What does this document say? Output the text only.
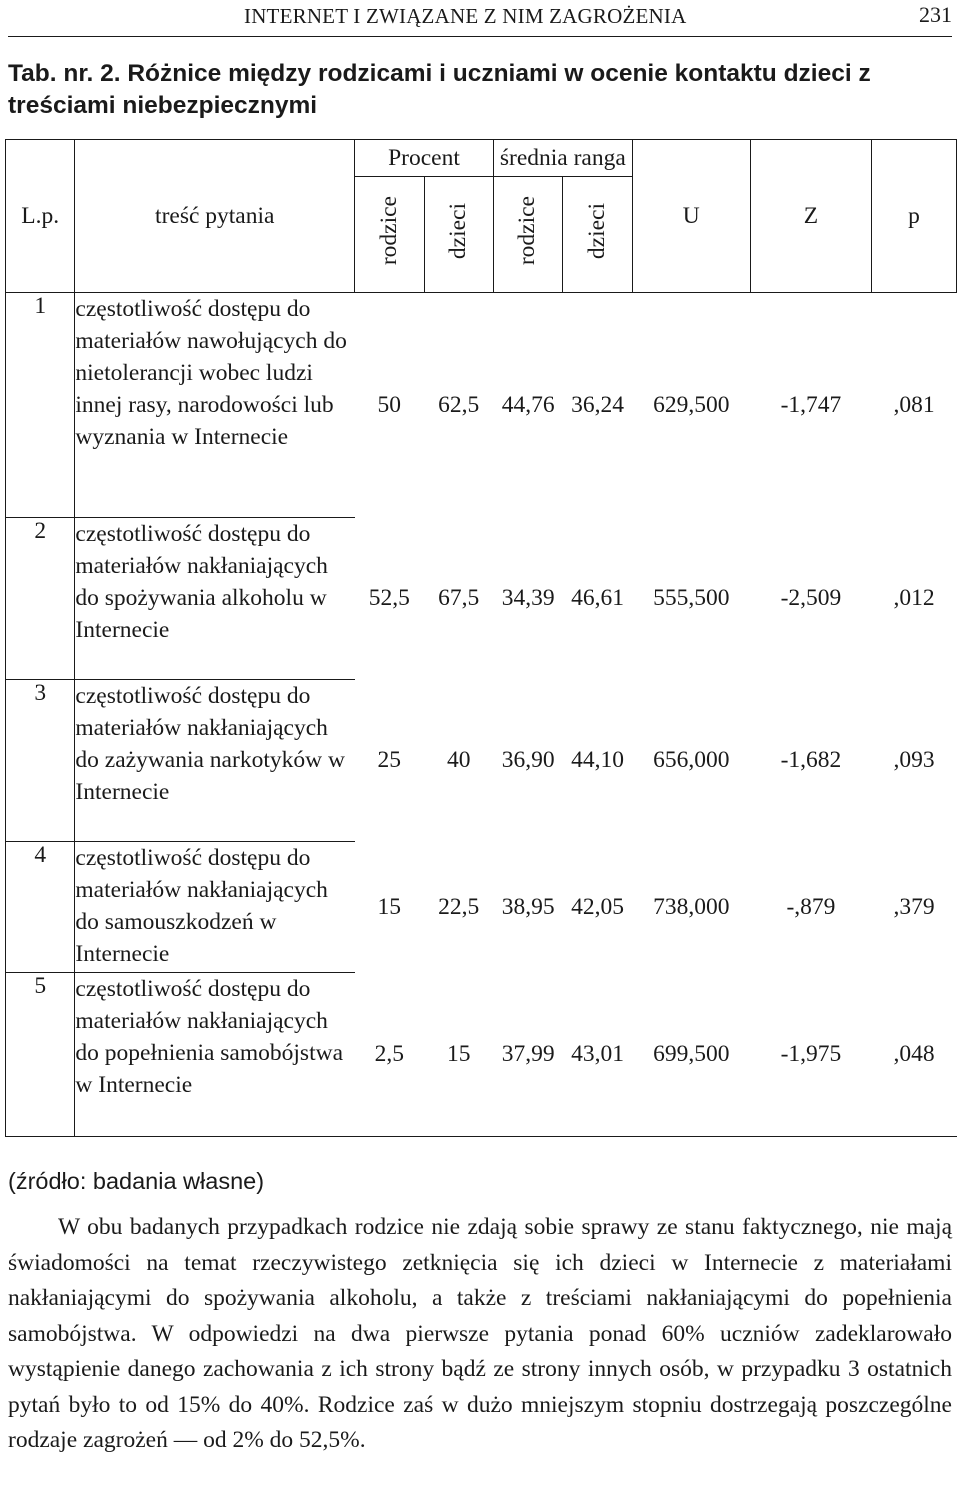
INTERNET I ZWIĄZANE Z NIM ZAGROŻENIA	231
Tab. nr. 2. Różnice między rodzicami i uczniami w ocenie kontaktu dzieci z treściami niebezpiecznymi
L.p.	treść pytania	Procent		średnia ranga		U	Z	p
		rodzice	dzieci	rodzice	dzieci			
1	częstotliwość dostępu do materiałów nawołujących do nietolerancji wobec ludzi innej rasy, narodowości lub wyznania w Internecie	50	62,5	44,76	36,24	629,500	-1,747	,081
2	częstotliwość dostępu do materiałów nakłaniających do spożywania alkoholu w Internecie	52,5	67,5	34,39	46,61	555,500	-2,509	,012
3	częstotliwość dostępu do materiałów nakłaniających do zażywania narkotyków w Internecie	25	40	36,90	44,10	656,000	-1,682	,093
4	częstotliwość dostępu do materiałów nakłaniających do samouszkodzeń w Internecie	15	22,5	38,95	42,05	738,000	-,879	,379
5	częstotliwość dostępu do materiałów nakłaniających do popełnienia samobójstwa w Internecie	2,5	15	37,99	43,01	699,500	-1,975	,048
(źródło: badania własne)
W obu badanych przypadkach rodzice nie zdają sobie sprawy ze stanu faktycznego, nie mają świadomości na temat rzeczywistego zetknięcia się ich dzieci w Internecie z materiałami nakłaniającymi do spożywania alkoholu, a także z treściami nakłaniającymi do popełnienia samobójstwa. W odpowiedzi na dwa pierwsze pytania ponad 60% uczniów zadeklarowało wystąpienie danego zachowania z ich strony bądź ze strony innych osób, w przypadku 3 ostatnich pytań było to od 15% do 40%. Rodzice zaś w dużo mniejszym stopniu dostrzegają poszczególne rodzaje zagrożeń — od 2% do 52,5%.
